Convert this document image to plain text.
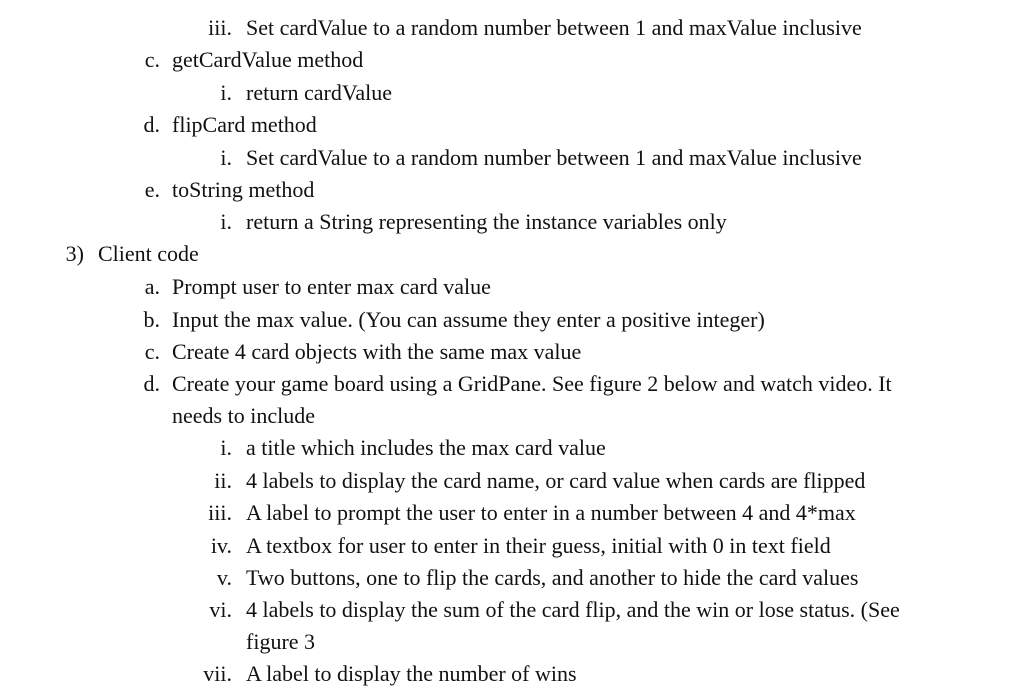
iii. Set cardValue to a random number between 1 and maxValue inclusive
c. getCardValue method
i. return cardValue
d. flipCard method
i. Set cardValue to a random number between 1 and maxValue inclusive
e. toString method
i. return a String representing the instance variables only
3) Client code
a. Prompt user to enter max card value
b. Input the max value. (You can assume they enter a positive integer)
c. Create 4 card objects with the same max value
d. Create your game board using a GridPane. See figure 2 below and watch video. It
needs to include
i. a title which includes the max card value
ii. 4 labels to display the card name, or card value when cards are flipped
iii. A label to prompt the user to enter in a number between 4 and 4*max
iv. A textbox for user to enter in their guess, initial with 0 in text field
v. Two buttons, one to flip the cards, and another to hide the card values
vi. 4 labels to display the sum of the card flip, and the win or lose status. (See
figure 3
vii. A label to display the number of wins
